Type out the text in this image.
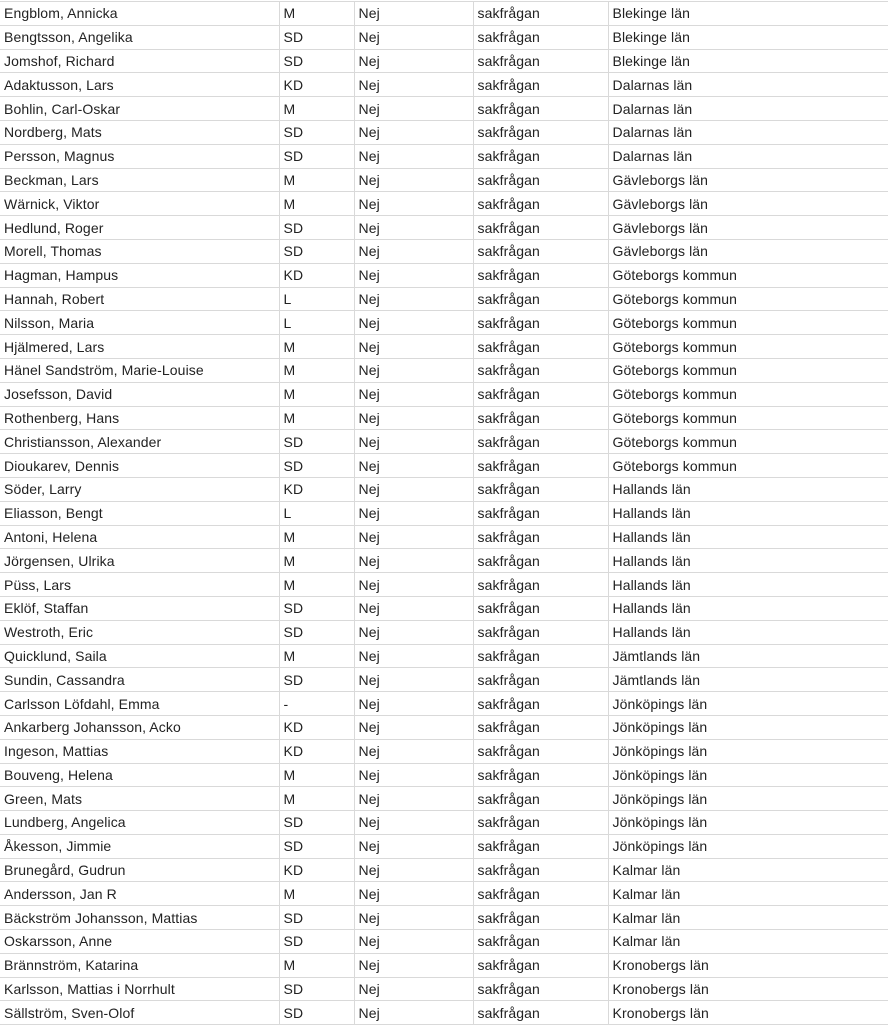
Engblom, Annicka	M	Nej	sakfrågan	Blekinge län
Bengtsson, Angelika	SD	Nej	sakfrågan	Blekinge län
Jomshof, Richard	SD	Nej	sakfrågan	Blekinge län
Adaktusson, Lars	KD	Nej	sakfrågan	Dalarnas län
Bohlin, Carl-Oskar	M	Nej	sakfrågan	Dalarnas län
Nordberg, Mats	SD	Nej	sakfrågan	Dalarnas län
Persson, Magnus	SD	Nej	sakfrågan	Dalarnas län
Beckman, Lars	M	Nej	sakfrågan	Gävleborgs län
Wärnick, Viktor	M	Nej	sakfrågan	Gävleborgs län
Hedlund, Roger	SD	Nej	sakfrågan	Gävleborgs län
Morell, Thomas	SD	Nej	sakfrågan	Gävleborgs län
Hagman, Hampus	KD	Nej	sakfrågan	Göteborgs kommun
Hannah, Robert	L	Nej	sakfrågan	Göteborgs kommun
Nilsson, Maria	L	Nej	sakfrågan	Göteborgs kommun
Hjälmered, Lars	M	Nej	sakfrågan	Göteborgs kommun
Hänel Sandström, Marie-Louise	M	Nej	sakfrågan	Göteborgs kommun
Josefsson, David	M	Nej	sakfrågan	Göteborgs kommun
Rothenberg, Hans	M	Nej	sakfrågan	Göteborgs kommun
Christiansson, Alexander	SD	Nej	sakfrågan	Göteborgs kommun
Dioukarev, Dennis	SD	Nej	sakfrågan	Göteborgs kommun
Söder, Larry	KD	Nej	sakfrågan	Hallands län
Eliasson, Bengt	L	Nej	sakfrågan	Hallands län
Antoni, Helena	M	Nej	sakfrågan	Hallands län
Jörgensen, Ulrika	M	Nej	sakfrågan	Hallands län
Püss, Lars	M	Nej	sakfrågan	Hallands län
Eklöf, Staffan	SD	Nej	sakfrågan	Hallands län
Westroth, Eric	SD	Nej	sakfrågan	Hallands län
Quicklund, Saila	M	Nej	sakfrågan	Jämtlands län
Sundin, Cassandra	SD	Nej	sakfrågan	Jämtlands län
Carlsson Löfdahl, Emma	-	Nej	sakfrågan	Jönköpings län
Ankarberg Johansson, Acko	KD	Nej	sakfrågan	Jönköpings län
Ingeson, Mattias	KD	Nej	sakfrågan	Jönköpings län
Bouveng, Helena	M	Nej	sakfrågan	Jönköpings län
Green, Mats	M	Nej	sakfrågan	Jönköpings län
Lundberg, Angelica	SD	Nej	sakfrågan	Jönköpings län
Åkesson, Jimmie	SD	Nej	sakfrågan	Jönköpings län
Brunegård, Gudrun	KD	Nej	sakfrågan	Kalmar län
Andersson, Jan R	M	Nej	sakfrågan	Kalmar län
Bäckström Johansson, Mattias	SD	Nej	sakfrågan	Kalmar län
Oskarsson, Anne	SD	Nej	sakfrågan	Kalmar län
Brännström, Katarina	M	Nej	sakfrågan	Kronobergs län
Karlsson, Mattias i Norrhult	SD	Nej	sakfrågan	Kronobergs län
Sällström, Sven-Olof	SD	Nej	sakfrågan	Kronobergs län
